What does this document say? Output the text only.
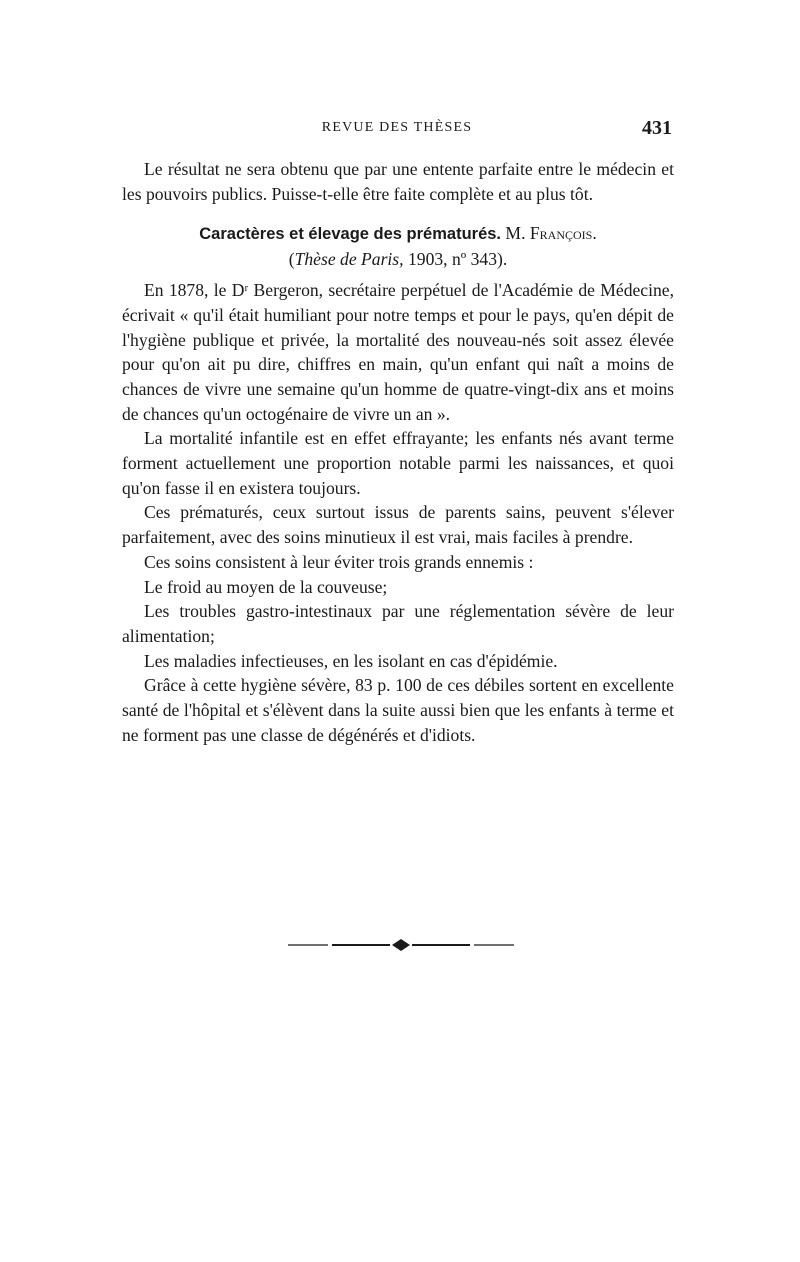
REVUE DES THÈSES	431

Le résultat ne sera obtenu que par une entente parfaite entre le médecin et les pouvoirs publics. Puisse-t-elle être faite complète et au plus tôt.

Caractères et élevage des prématurés. M. François.

(Thèse de Paris, 1903, nº 343).

En 1878, le Dʳ Bergeron, secrétaire perpétuel de l'Académie de Médecine, écrivait « qu'il était humiliant pour notre temps et pour le pays, qu'en dépit de l'hygiène publique et privée, la mortalité des nouveau-nés soit assez élevée pour qu'on ait pu dire, chiffres en main, qu'un enfant qui naît a moins de chances de vivre une semaine qu'un homme de quatre-vingt-dix ans et moins de chances qu'un octogénaire de vivre un an ».

La mortalité infantile est en effet effrayante; les enfants nés avant terme forment actuellement une proportion notable parmi les naissances, et quoi qu'on fasse il en existera toujours.

Ces prématurés, ceux surtout issus de parents sains, peuvent s'élever parfaitement, avec des soins minutieux il est vrai, mais faciles à prendre.

Ces soins consistent à leur éviter trois grands ennemis :

Le froid au moyen de la couveuse;

Les troubles gastro-intestinaux par une réglementation sévère de leur alimentation;

Les maladies infectieuses, en les isolant en cas d'épidémie.

Grâce à cette hygiène sévère, 83 p. 100 de ces débiles sortent en excellente santé de l'hôpital et s'élèvent dans la suite aussi bien que les enfants à terme et ne forment pas une classe de dégénérés et d'idiots.
